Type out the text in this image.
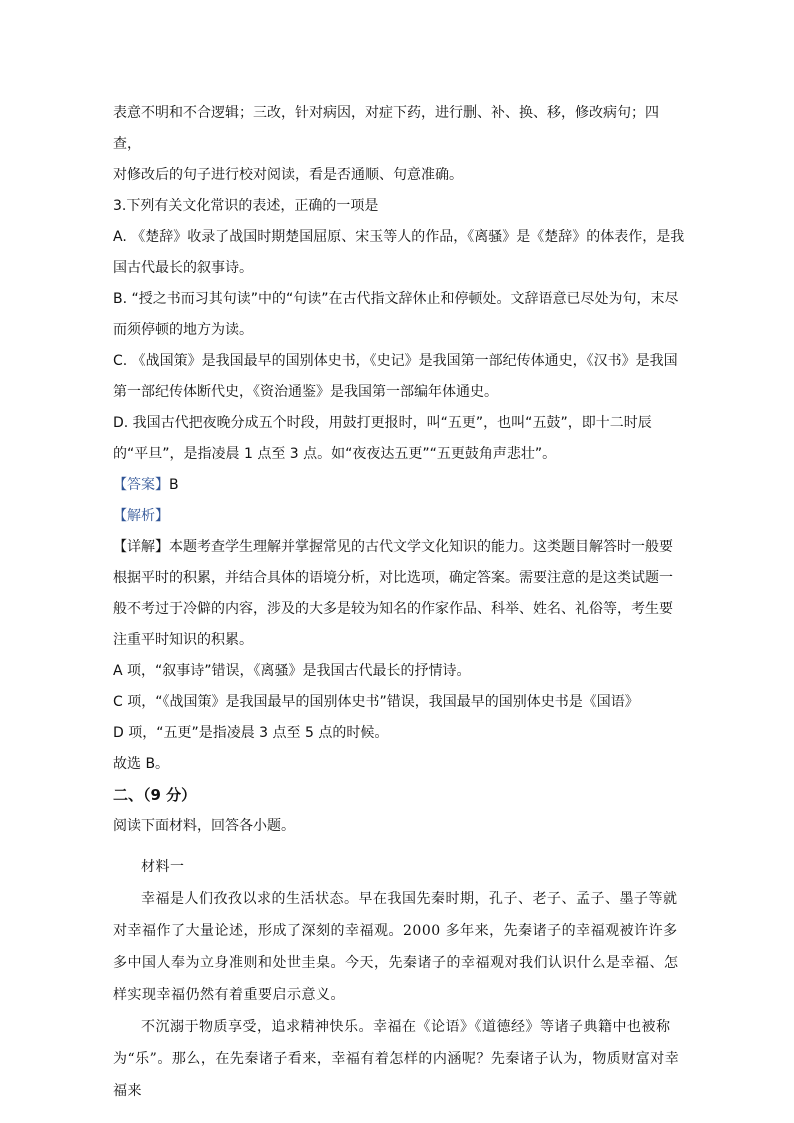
表意不明和不合逻辑；三改，针对病因，对症下药，进行删、补、换、移，修改病句；四查，

对修改后的句子进行校对阅读，看是否通顺、句意准确。

3.下列有关文化常识的表述，正确的一项是

A. 《楚辞》收录了战国时期楚国屈原、宋玉等人的作品，《离骚》是《楚辞》的体表作，是我国古代最长的叙事诗。

B. “授之书而习其句读”中的“句读”在古代指文辞休止和停顿处。文辞语意已尽处为句，末尽而须停顿的地方为读。

C. 《战国策》是我国最早的国别体史书，《史记》是我国第一部纪传体通史，《汉书》是我国第一部纪传体断代史，《资治通鉴》是我国第一部编年体通史。

D. 我国古代把夜晚分成五个时段，用鼓打更报时，叫“五更”，也叫“五鼓”，即十二时辰的“平旦”，是指凌晨 1 点至 3 点。如“夜夜达五更”“五更鼓角声悲壮”。

【答案】B

【解析】

【详解】本题考查学生理解并掌握常见的古代文学文化知识的能力。这类题目解答时一般要根据平时的积累，并结合具体的语境分析，对比选项，确定答案。需要注意的是这类试题一般不考过于冷僻的内容，涉及的大多是较为知名的作家作品、科举、姓名、礼俗等，考生要注重平时知识的积累。

A 项，“叙事诗”错误，《离骚》是我国古代最长的抒情诗。

C 项，“《战国策》是我国最早的国别体史书”错误，我国最早的国别体史书是《国语》

D 项，“五更”是指凌晨 3 点至 5 点的时候。

故选 B。

二、（9 分）

阅读下面材料，回答各小题。

材料一

幸福是人们孜孜以求的生活状态。早在我国先秦时期，孔子、老子、孟子、墨子等就对幸福作了大量论述，形成了深刻的幸福观。2000 多年来，先秦诸子的幸福观被许许多多中国人奉为立身准则和处世圭臬。今天，先秦诸子的幸福观对我们认识什么是幸福、怎样实现幸福仍然有着重要启示意义。

不沉溺于物质享受，追求精神快乐。幸福在《论语》《道德经》等诸子典籍中也被称为“乐”。那么，在先秦诸子看来，幸福有着怎样的内涵呢？先秦诸子认为，物质财富对幸福来
